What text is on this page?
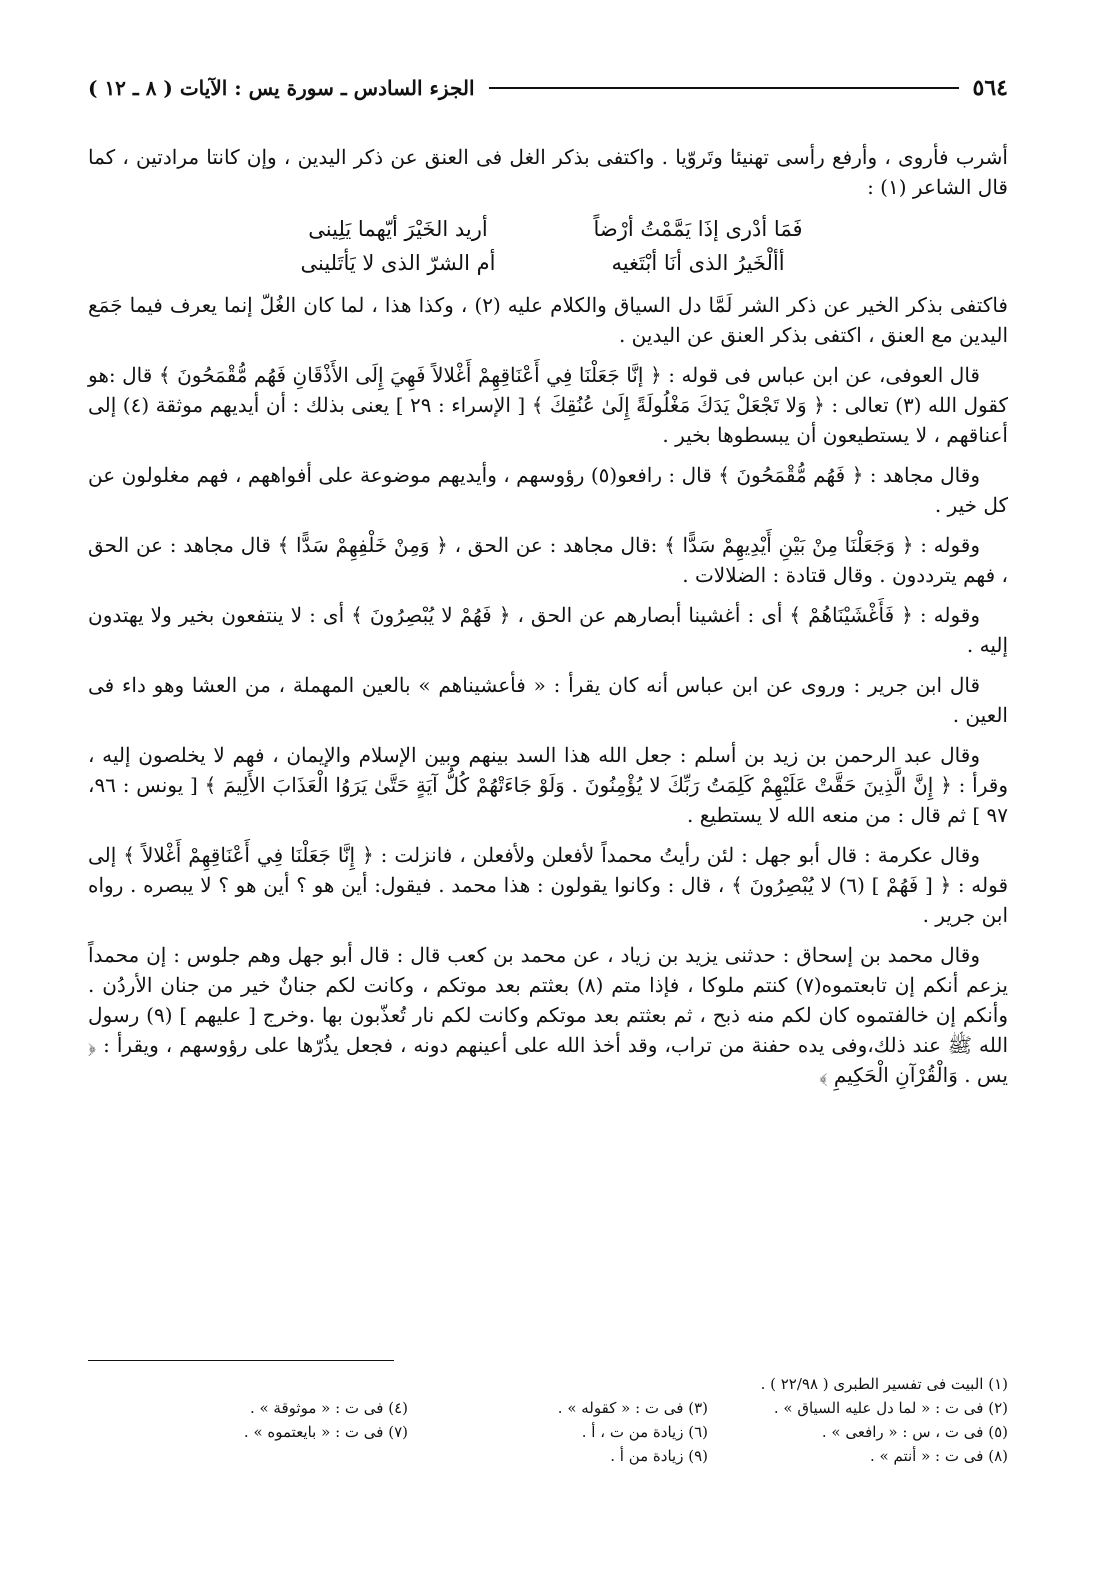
٥٦٤
الجزء السادس ـ سورة يس : الآيات ( ٨ ـ ١٢ )

أشرب فأروى ، وأرفع رأسى تهنيئا وتَروّيا . واكتفى بذكر الغل فى العنق عن ذكر اليدين ، وإن كانتا مرادتين ، كما قال الشاعر (١) :

فَمَا أدْرى إذَا يَمَّمْتُ أرْضاً
أريد الخَيْرَ أيّهما يَلِينى
أألْخَيرُ الذى أنَا أبْتَغيه
أم الشرّ الذى لا يَأتَلينى

فاكتفى بذكر الخير عن ذكر الشر لَمَّا دل السياق والكلام عليه (٢) ، وكذا هذا ، لما كان الغُلّ إنما يعرف فيما جَمَع اليدين مع العنق ، اكتفى بذكر العنق عن اليدين .

قال العوفى، عن ابن عباس فى قوله : ﴿ إنَّا جَعَلْنَا فِي أَعْنَاقِهِمْ أَغْلالاً فَهِيَ إِلَى الأَذْقَانِ فَهُم مُّقْمَحُونَ ﴾ قال :هو كقول الله (٣) تعالى : ﴿ وَلا تَجْعَلْ يَدَكَ مَغْلُولَةً إِلَىٰ عُنُقِكَ ﴾ [ الإسراء : ٢٩ ] يعنى بذلك : أن أيديهم موثقة (٤) إلى أعناقهم ، لا يستطيعون أن يبسطوها بخير .

وقال مجاهد : ﴿ فَهُم مُّقْمَحُونَ ﴾ قال : رافعو(٥) رؤوسهم ، وأيديهم موضوعة على أفواههم ، فهم مغلولون عن كل خير .

وقوله : ﴿ وَجَعَلْنَا مِنْ بَيْنِ أَيْدِيهِمْ سَدًّا ﴾ :قال مجاهد : عن الحق ، ﴿ وَمِنْ خَلْفِهِمْ سَدًّا ﴾ قال مجاهد : عن الحق ، فهم يترددون . وقال قتادة : الضلالات .

وقوله : ﴿ فَأَغْشَيْنَاهُمْ ﴾ أى : أغشينا أبصارهم عن الحق ، ﴿ فَهُمْ لا يُبْصِرُونَ ﴾ أى : لا ينتفعون بخير ولا يهتدون إليه .

قال ابن جرير : وروى عن ابن عباس أنه كان يقرأ : « فأعشيناهم » بالعين المهملة ، من العشا وهو داء فى العين .

وقال عبد الرحمن بن زيد بن أسلم : جعل الله هذا السد بينهم وبين الإسلام والإيمان ، فهم لا يخلصون إليه ، وقرأ : ﴿ إِنَّ الَّذِينَ حَقَّتْ عَلَيْهِمْ كَلِمَتُ رَبِّكَ لا يُؤْمِنُونَ . وَلَوْ جَاءَتْهُمْ كُلُّ آيَةٍ حَتَّىٰ يَرَوُا الْعَذَابَ الأَلِيمَ ﴾ [ يونس : ٩٦، ٩٧ ] ثم قال : من منعه الله لا يستطيع .

وقال عكرمة : قال أبو جهل : لئن رأيتُ محمداً لأفعلن ولأفعلن ، فانزلت : ﴿ إِنَّا جَعَلْنَا فِي أَعْنَاقِهِمْ أَغْلالاً ﴾ إلى قوله : ﴿ [ فَهُمْ ] (٦) لا يُبْصِرُونَ ﴾ ، قال : وكانوا يقولون : هذا محمد . فيقول: أين هو ؟ أين هو ؟ لا يبصره . رواه ابن جرير .

وقال محمد بن إسحاق : حدثنى يزيد بن زياد ، عن محمد بن كعب قال : قال أبو جهل وهم جلوس : إن محمداً يزعم أنكم إن تابعتموه(٧) كنتم ملوكا ، فإذا متم (٨) بعثتم بعد موتكم ، وكانت لكم جنانٌ خير من جنان الأردُن . وأنكم إن خالفتموه كان لكم منه ذبح ، ثم بعثتم بعد موتكم وكانت لكم نار تُعذّبون بها .وخرج [ عليهم ] (٩) رسول الله ﷺ عند ذلك،وفى يده حفنة من تراب، وقد أخذ الله على أعينهم دونه ، فجعل يذُرّها على رؤوسهم ، ويقرأ : ﴿ يس . وَالْقُرْآنِ الْحَكِيمِ ﴾

(١) البيت فى تفسير الطبرى ( ٢٢/٩٨ ) .
(٢) فى ت : « لما دل عليه السياق » .
(٣) فى ت : « كقوله » .
(٤) فى ت : « موثوقة » .
(٥) فى ت ، س : « رافعى » .
(٦) زيادة من ت ، أ .
(٧) فى ت : « بايعتموه » .
(٨) فى ت : « أنتم » .
(٩) زيادة من أ .
